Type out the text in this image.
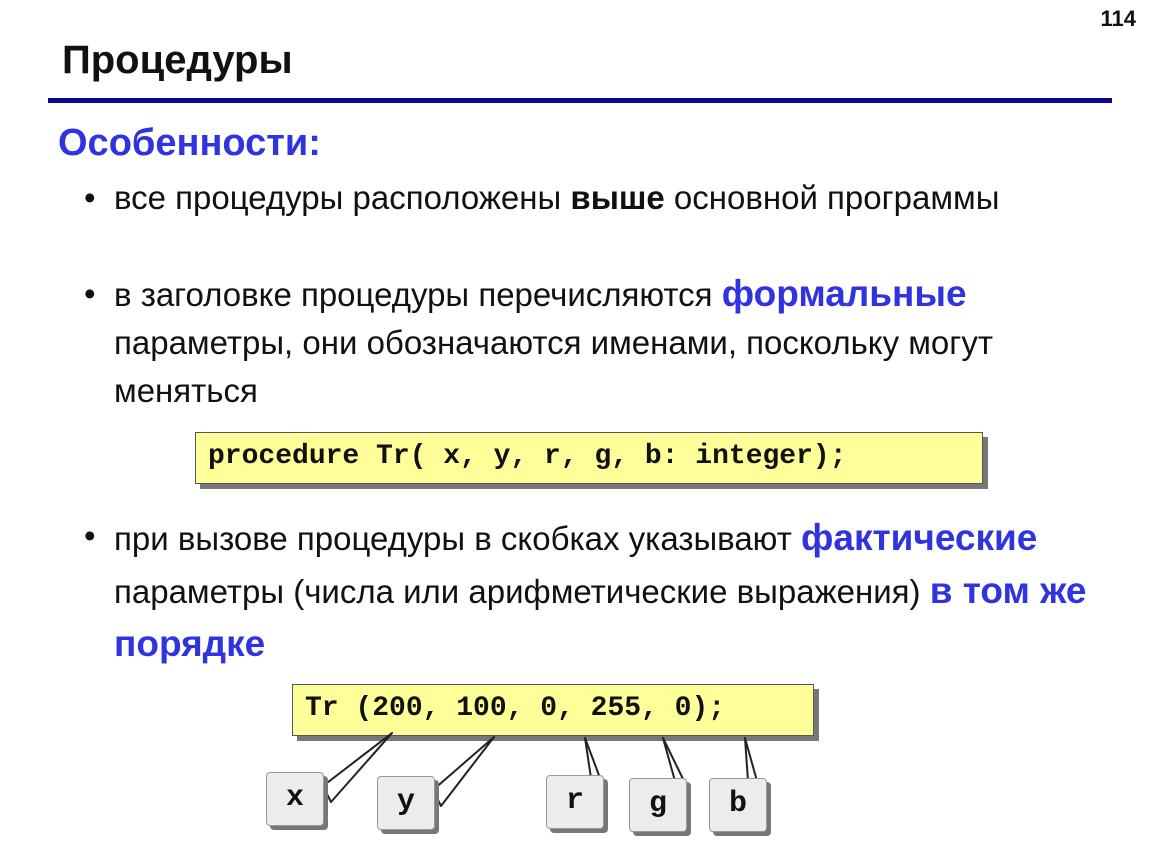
114
Процедуры
Особенности:
• все процедуры расположены выше основной программы
• в заголовке процедуры перечисляются формальные параметры, они обозначаются именами, поскольку могут меняться
procedure Tr( x, y, r, g, b: integer);
• при вызове процедуры в скобках указывают фактические параметры (числа или арифметические выражения) в том же порядке
Tr (200, 100, 0, 255, 0);
x	y	r	g	b
